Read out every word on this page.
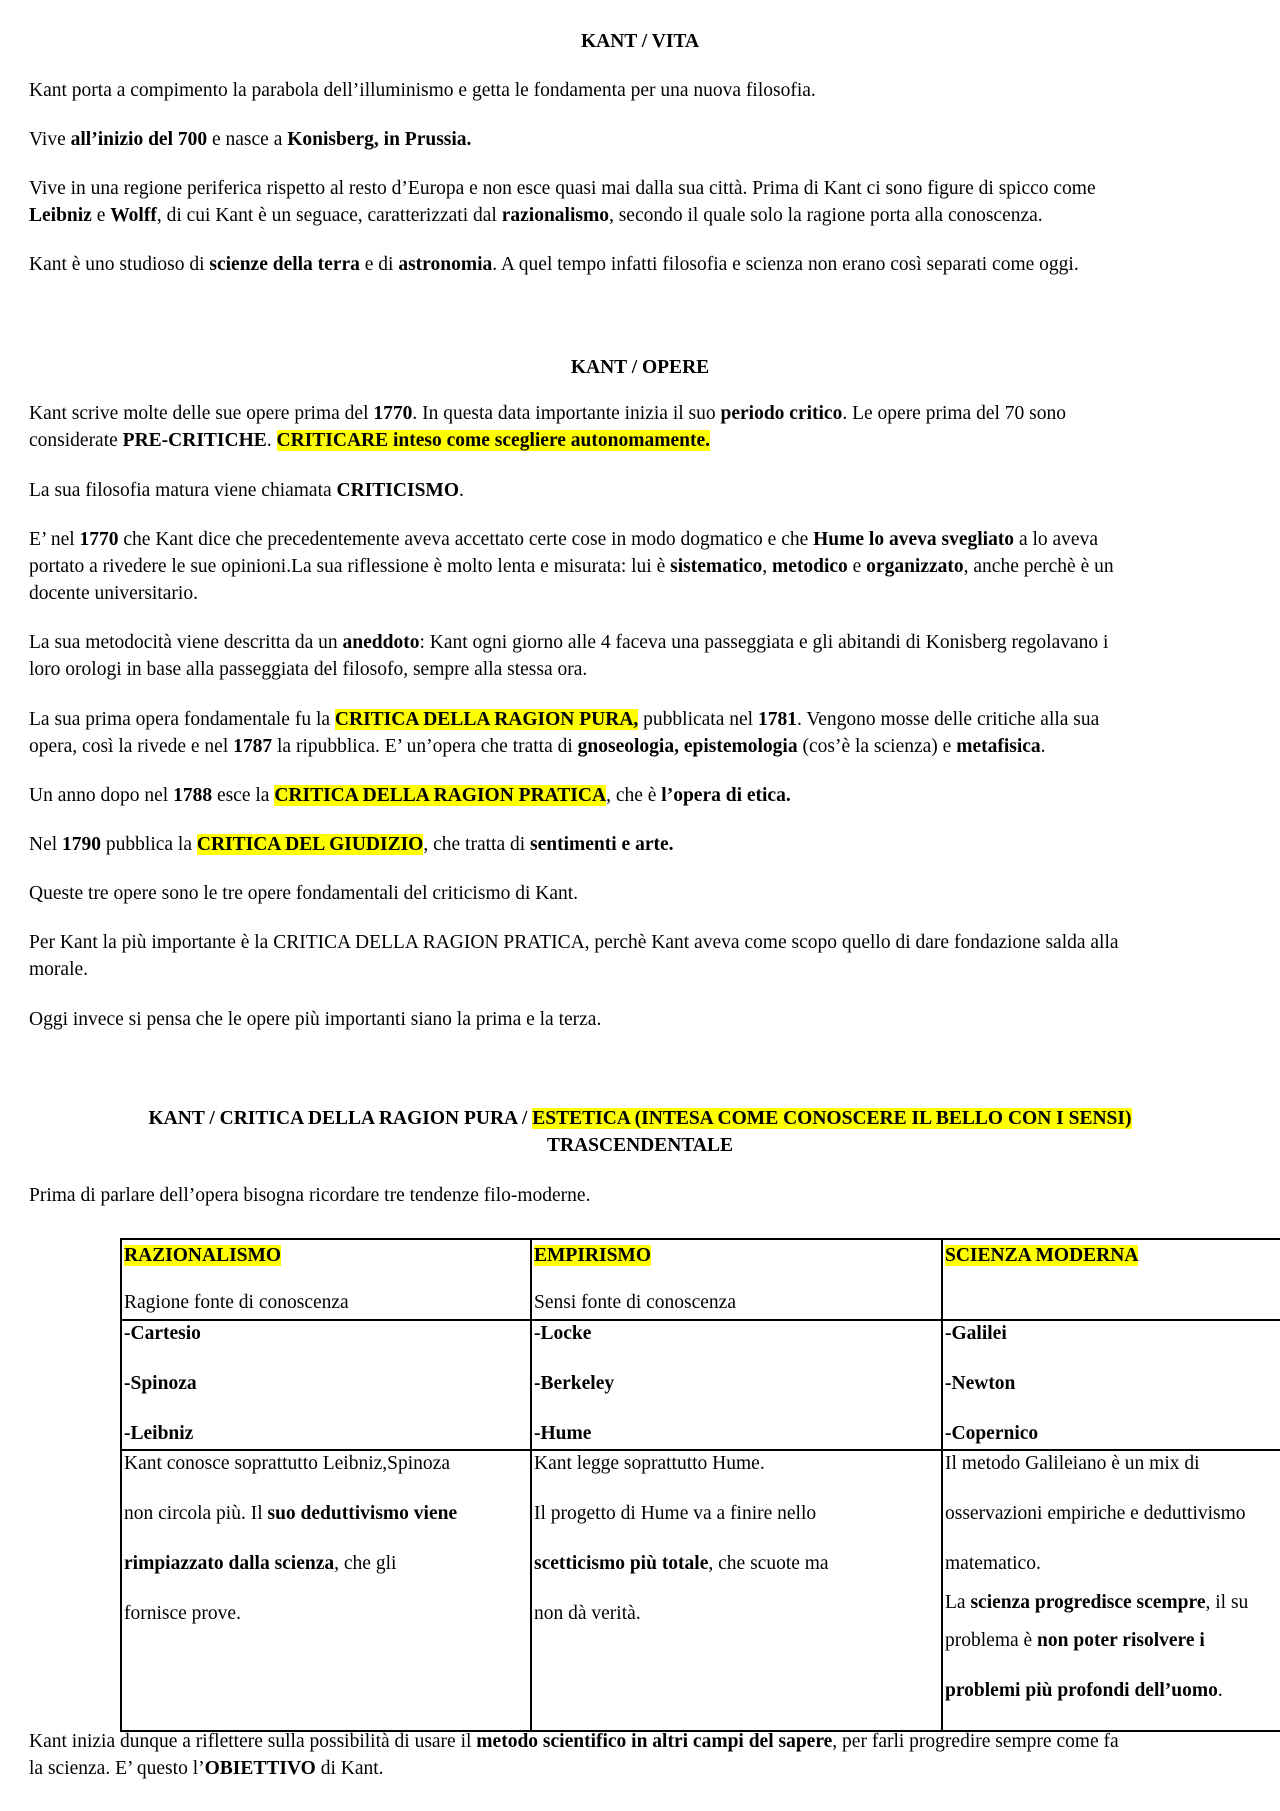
KANT / VITA

Kant porta a compimento la parabola dell’illuminismo e getta le fondamenta per una nuova filosofia.

Vive all’inizio del 700 e nasce a Konisberg, in Prussia.

Vive in una regione periferica rispetto al resto d’Europa e non esce quasi mai dalla sua città. Prima di Kant ci sono figure di spicco come

Leibniz e Wolff, di cui Kant è un seguace, caratterizzati dal razionalismo, secondo il quale solo la ragione porta alla conoscenza.

Kant è uno studioso di scienze della terra e di astronomia. A quel tempo infatti filosofia e scienza non erano così separati come oggi.

KANT / OPERE

Kant scrive molte delle sue opere prima del 1770. In questa data importante inizia il suo periodo critico. Le opere prima del 70 sono

considerate PRE-CRITICHE. CRITICARE inteso come scegliere autonomamente.

La sua filosofia matura viene chiamata CRITICISMO.

E’ nel 1770 che Kant dice che precedentemente aveva accettato certe cose in modo dogmatico e che Hume lo aveva svegliato a lo aveva

portato a rivedere le sue opinioni.La sua riflessione è molto lenta e misurata: lui è sistematico, metodico e organizzato, anche perchè è un

docente universitario.

La sua metodocità viene descritta da un aneddoto: Kant ogni giorno alle 4 faceva una passeggiata e gli abitandi di Konisberg regolavano i

loro orologi in base alla passeggiata del filosofo, sempre alla stessa ora.

La sua prima opera fondamentale fu la CRITICA DELLA RAGION PURA, pubblicata nel 1781. Vengono mosse delle critiche alla sua

opera, così la rivede e nel 1787 la ripubblica. E’ un’opera che tratta di gnoseologia, epistemologia (cos’è la scienza) e metafisica.

Un anno dopo nel 1788 esce la CRITICA DELLA RAGION PRATICA, che è l’opera di etica.

Nel 1790 pubblica la CRITICA DEL GIUDIZIO, che tratta di sentimenti e arte.

Queste tre opere sono le tre opere fondamentali del criticismo di Kant.

Per Kant la più importante è la CRITICA DELLA RAGION PRATICA, perchè Kant aveva come scopo quello di dare fondazione salda alla

morale.

Oggi invece si pensa che le opere più importanti siano la prima e la terza.

KANT / CRITICA DELLA RAGION PURA / ESTETICA (INTESA COME CONOSCERE IL BELLO CON I SENSI)

TRASCENDENTALE

Prima di parlare dell’opera bisogna ricordare tre tendenze filo-moderne.

RAZIONALISMO
Ragione fonte di conoscenza
EMPIRISMO
Sensi fonte di conoscenza
SCIENZA MODERNA

-Cartesio

-Spinoza

-Leibniz

-Locke

-Berkeley

-Hume

-Galilei

-Newton

-Copernico

Kant conosce soprattutto Leibniz,Spinoza

non circola più. Il suo deduttivismo viene

rimpiazzato dalla scienza, che gli

fornisce prove.

Kant legge soprattutto Hume.

Il progetto di Hume va a finire nello

scetticismo più totale, che scuote ma

non dà verità.

Il metodo Galileiano è un mix di

osservazioni empiriche e deduttivismo

matematico.

La scienza progredisce scempre, il su

problema è non poter risolvere i

problemi più profondi dell’uomo.

Kant inizia dunque a riflettere sulla possibilità di usare il metodo scientifico in altri campi del sapere, per farli progredire sempre come fa

la scienza. E’ questo l’OBIETTIVO di Kant.
